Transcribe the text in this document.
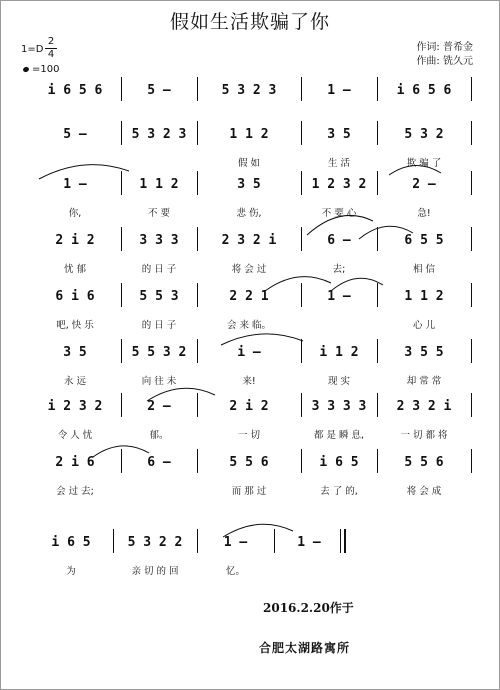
假如生活欺骗了你
1=D
2
4
=100
作词: 普希金
作曲: 铣久元
i 6 5 6	5 –	5 3 2 3	1 –	i 6 5 6
5 –	5 3 2 3	1 1 2
假 如
3 5
生 活
5 3 2
欺 骗 了
1 –
你,
1 1 2
不 要
3 5
悲 伤,
1 2 3 2
不 要 心
2 –
急!
2 i 2
忧 郁
3 3 3
的 日 子
2 3 2 i
将 会 过
6 –
去;
6 5 5
相 信
6 i 6
吧, 快 乐
5 5 3
的 日 子
2 2 1
会 来 临。
1 –	1 1 2
心 儿
3 5
永 远
5 5 3 2
向 往 未
i –
来!
i 1 2
现 实
3 5 5
却 常 常
i 2 3 2
令 人 忧
2 –
郁。
2 i 2
一 切
3 3 3 3
都 是 瞬 息,
2 3 2 i
一 切 都 将
2 i 6
会 过 去;
6 –	5 5 6
而 那 过
i 6 5
去 了 的,
5 5 6
将 会 成
i 6 5
为
5 3 2 2
亲 切 的 回
1 –
忆。
1 –
2016.2.20作于
合肥太湖路寓所
